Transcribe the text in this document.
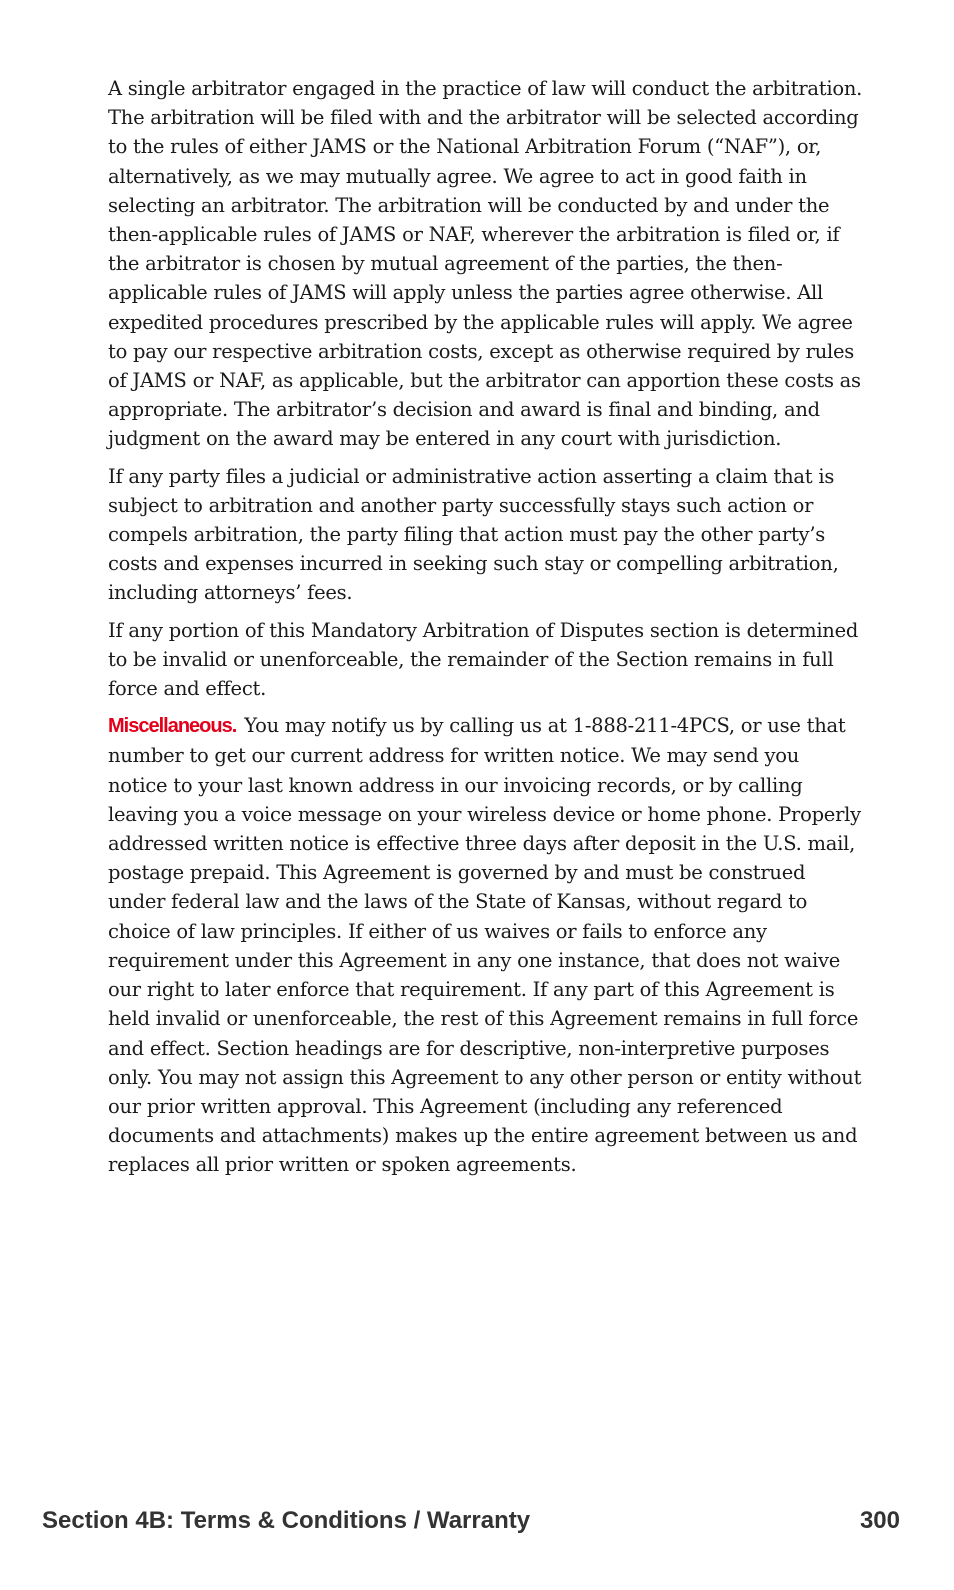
A single arbitrator engaged in the practice of law will conduct the arbitration. The arbitration will be filed with and the arbitrator will be selected according to the rules of either JAMS or the National Arbitration Forum (“NAF”), or, alternatively, as we may mutually agree. We agree to act in good faith in selecting an arbitrator. The arbitration will be conducted by and under the then-applicable rules of JAMS or NAF, wherever the arbitration is filed or, if the arbitrator is chosen by mutual agreement of the parties, the then-applicable rules of JAMS will apply unless the parties agree otherwise. All expedited procedures prescribed by the applicable rules will apply. We agree to pay our respective arbitration costs, except as otherwise required by rules of JAMS or NAF, as applicable, but the arbitrator can apportion these costs as appropriate. The arbitrator’s decision and award is final and binding, and judgment on the award may be entered in any court with jurisdiction.

If any party files a judicial or administrative action asserting a claim that is subject to arbitration and another party successfully stays such action or compels arbitration, the party filing that action must pay the other party’s costs and expenses incurred in seeking such stay or compelling arbitration, including attorneys’ fees.

If any portion of this Mandatory Arbitration of Disputes section is determined to be invalid or unenforceable, the remainder of the Section remains in full force and effect.

Miscellaneous. You may notify us by calling us at 1-888-211-4PCS, or use that number to get our current address for written notice. We may send you notice to your last known address in our invoicing records, or by calling leaving you a voice message on your wireless device or home phone. Properly addressed written notice is effective three days after deposit in the U.S. mail, postage prepaid. This Agreement is governed by and must be construed under federal law and the laws of the State of Kansas, without regard to choice of law principles. If either of us waives or fails to enforce any requirement under this Agreement in any one instance, that does not waive our right to later enforce that requirement. If any part of this Agreement is held invalid or unenforceable, the rest of this Agreement remains in full force and effect. Section headings are for descriptive, non-interpretive purposes only. You may not assign this Agreement to any other person or entity without our prior written approval. This Agreement (including any referenced documents and attachments) makes up the entire agreement between us and replaces all prior written or spoken agreements.

Section 4B: Terms & Conditions / Warranty	300
